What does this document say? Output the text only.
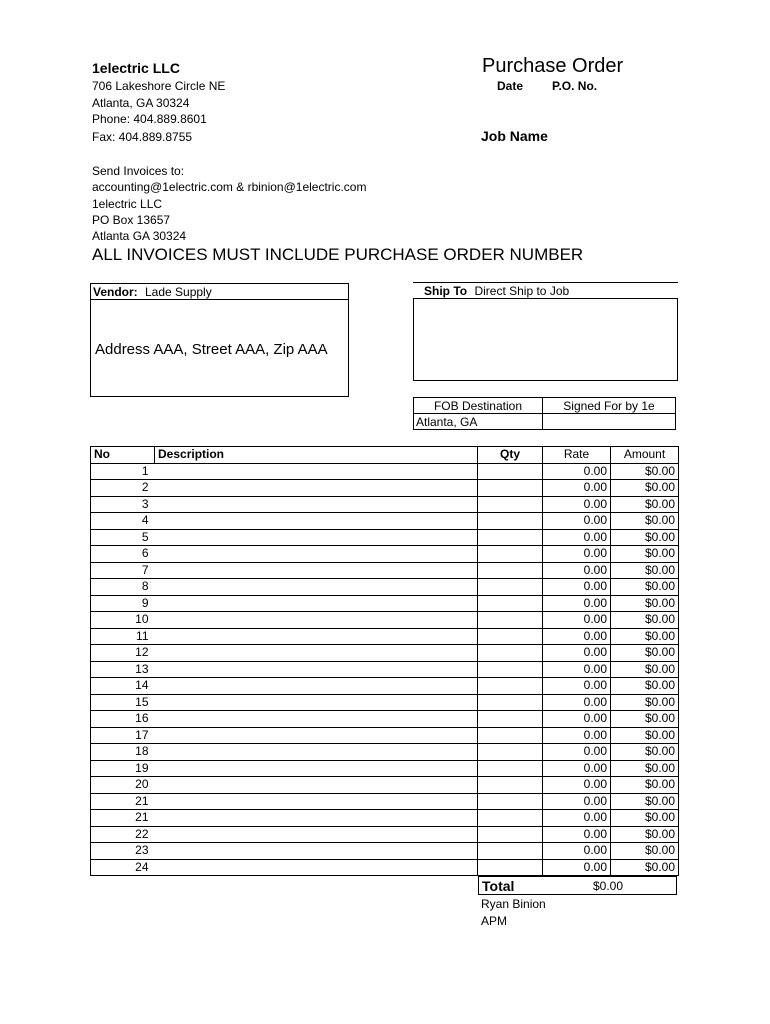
1electric LLC
706 Lakeshore Circle NE
Atlanta, GA 30324
Phone: 404.889.8601
Fax: 404.889.8755
Purchase Order
Date P.O. No.
Job Name
Send Invoices to:
accounting@1electric.com & rbinion@1electric.com
1electric LLC
PO Box 13657
Atlanta GA 30324
ALL INVOICES MUST INCLUDE PURCHASE ORDER NUMBER
Vendor: Lade Supply
Address AAA, Street AAA, Zip AAA
Ship To Direct Ship to Job
FOB Destination	Signed For by 1e
Atlanta, GA
No	Description	Qty	Rate	Amount
1			0.00	$0.00
2			0.00	$0.00
3			0.00	$0.00
4			0.00	$0.00
5			0.00	$0.00
6			0.00	$0.00
7			0.00	$0.00
8			0.00	$0.00
9			0.00	$0.00
10			0.00	$0.00
11			0.00	$0.00
12			0.00	$0.00
13			0.00	$0.00
14			0.00	$0.00
15			0.00	$0.00
16			0.00	$0.00
17			0.00	$0.00
18			0.00	$0.00
19			0.00	$0.00
20			0.00	$0.00
21			0.00	$0.00
21			0.00	$0.00
22			0.00	$0.00
23			0.00	$0.00
24			0.00	$0.00
Total	$0.00
Ryan Binion
APM
